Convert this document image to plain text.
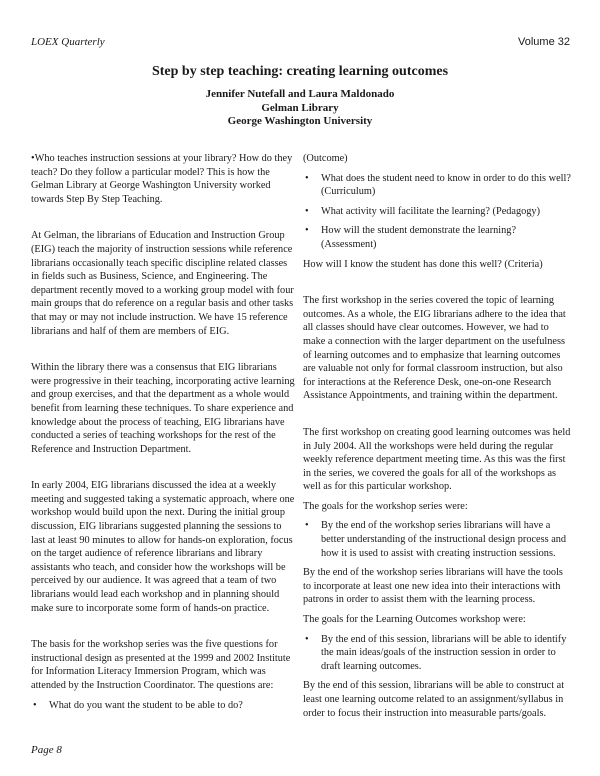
LOEX Quarterly	Volume 32
Step by step teaching: creating learning outcomes
Jennifer Nutefall and Laura Maldonado
Gelman Library
George Washington University

•Who teaches instruction sessions at your library? How do they teach? Do they follow a particular model? This is how the Gelman Library at George Washington University worked towards Step By Step Teaching.

At Gelman, the librarians of Education and Instruction Group (EIG) teach the majority of instruction sessions while reference librarians occasionally teach specific discipline related classes in fields such as Business, Science, and Engineering. The department recently moved to a working group model with four main groups that do reference on a regular basis and other tasks that may or may not include instruction. We have 15 reference librarians and half of them are members of EIG.

Within the library there was a consensus that EIG librarians were progressive in their teaching, incorporating active learning and group exercises, and that the department as a whole would benefit from learning these techniques. To share experience and knowledge about the process of teaching, EIG librarians have conducted a series of teaching workshops for the rest of the Reference and Instruction Department.

In early 2004, EIG librarians discussed the idea at a weekly meeting and suggested taking a systematic approach, where one workshop would build upon the next. During the initial group discussion, EIG librarians suggested planning the sessions to last at least 90 minutes to allow for hands-on exploration, focus on the target audience of reference librarians and library assistants who teach, and consider how the workshops will be perceived by our audience. It was agreed that a team of two librarians would lead each workshop and in planning should make sure to incorporate some form of hands-on practice.

The basis for the workshop series was the five questions for instructional design as presented at the 1999 and 2002 Institute for Information Literacy Immersion Program, which was attended by the Instruction Coordinator. The questions are:

• What do you want the student to be able to do?

(Outcome)

• What does the student need to know in order to do this well? (Curriculum)

• What activity will facilitate the learning? (Pedagogy)

• How will the student demonstrate the learning? (Assessment)

How will I know the student has done this well? (Criteria)

The first workshop in the series covered the topic of learning outcomes. As a whole, the EIG librarians adhere to the idea that all classes should have clear outcomes. However, we had to make a connection with the larger department on the usefulness of learning outcomes and to emphasize that learning outcomes are valuable not only for formal classroom instruction, but also for interactions at the Reference Desk, one-on-one Research Assistance Appointments, and training within the department.

The first workshop on creating good learning outcomes was held in July 2004. All the workshops were held during the regular weekly reference department meeting time. As this was the first in the series, we covered the goals for all of the workshops as well as for this particular workshop.

The goals for the workshop series were:

• By the end of the workshop series librarians will have a better understanding of the instructional design process and how it is used to assist with creating instruction sessions.

By the end of the workshop series librarians will have the tools to incorporate at least one new idea into their interactions with patrons in order to assist them with the learning process.

The goals for the Learning Outcomes workshop were:

• By the end of this session, librarians will be able to identify the main ideas/goals of the instruction session in order to draft learning outcomes.

By the end of this session, librarians will be able to construct at least one learning outcome related to an assignment/syllabus in order to focus their instruction into measurable parts/goals.

Page 8
